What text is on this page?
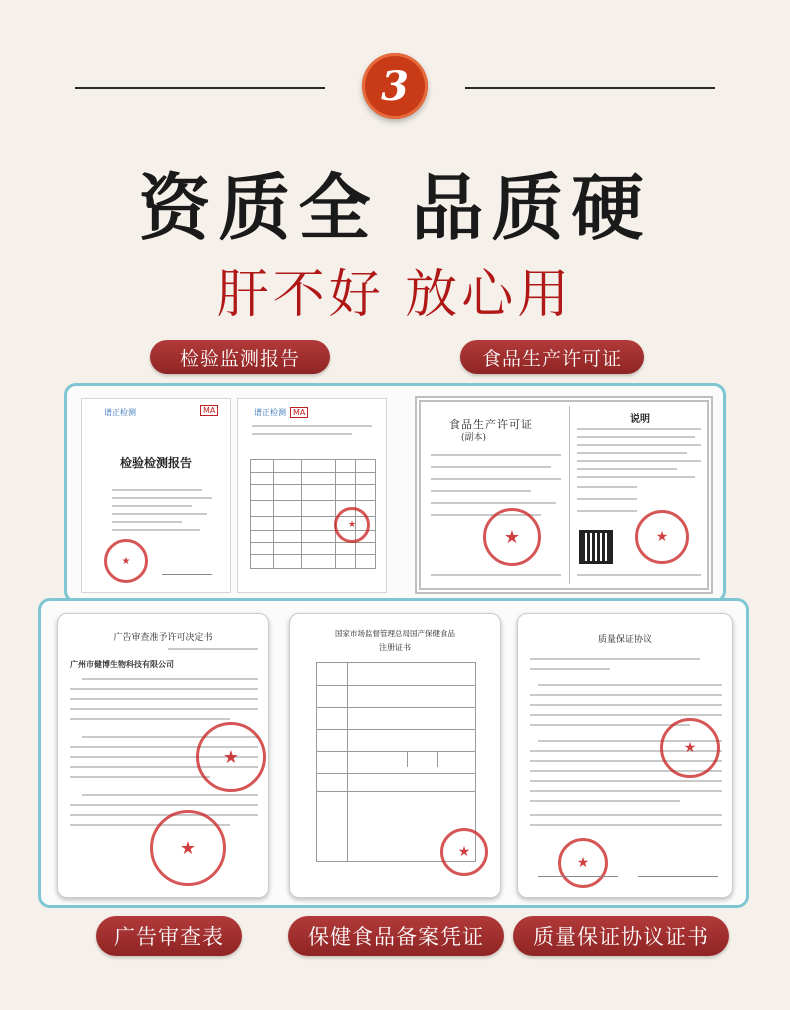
3
资质全 品质硬
肝不好 放心用
检验监测报告	食品生产许可证
谱正检测	MA
检验检测报告
★
谱正检测 MA
★
食品生产许可证
(副本)
★
说明
★
广告审查准予许可决定书
广州市健博生物科技有限公司
★
★
国家市场监督管理总局国产保健食品
注册证书
★
质量保证协议
★
★
广告审查表	保健食品备案凭证	质量保证协议证书
